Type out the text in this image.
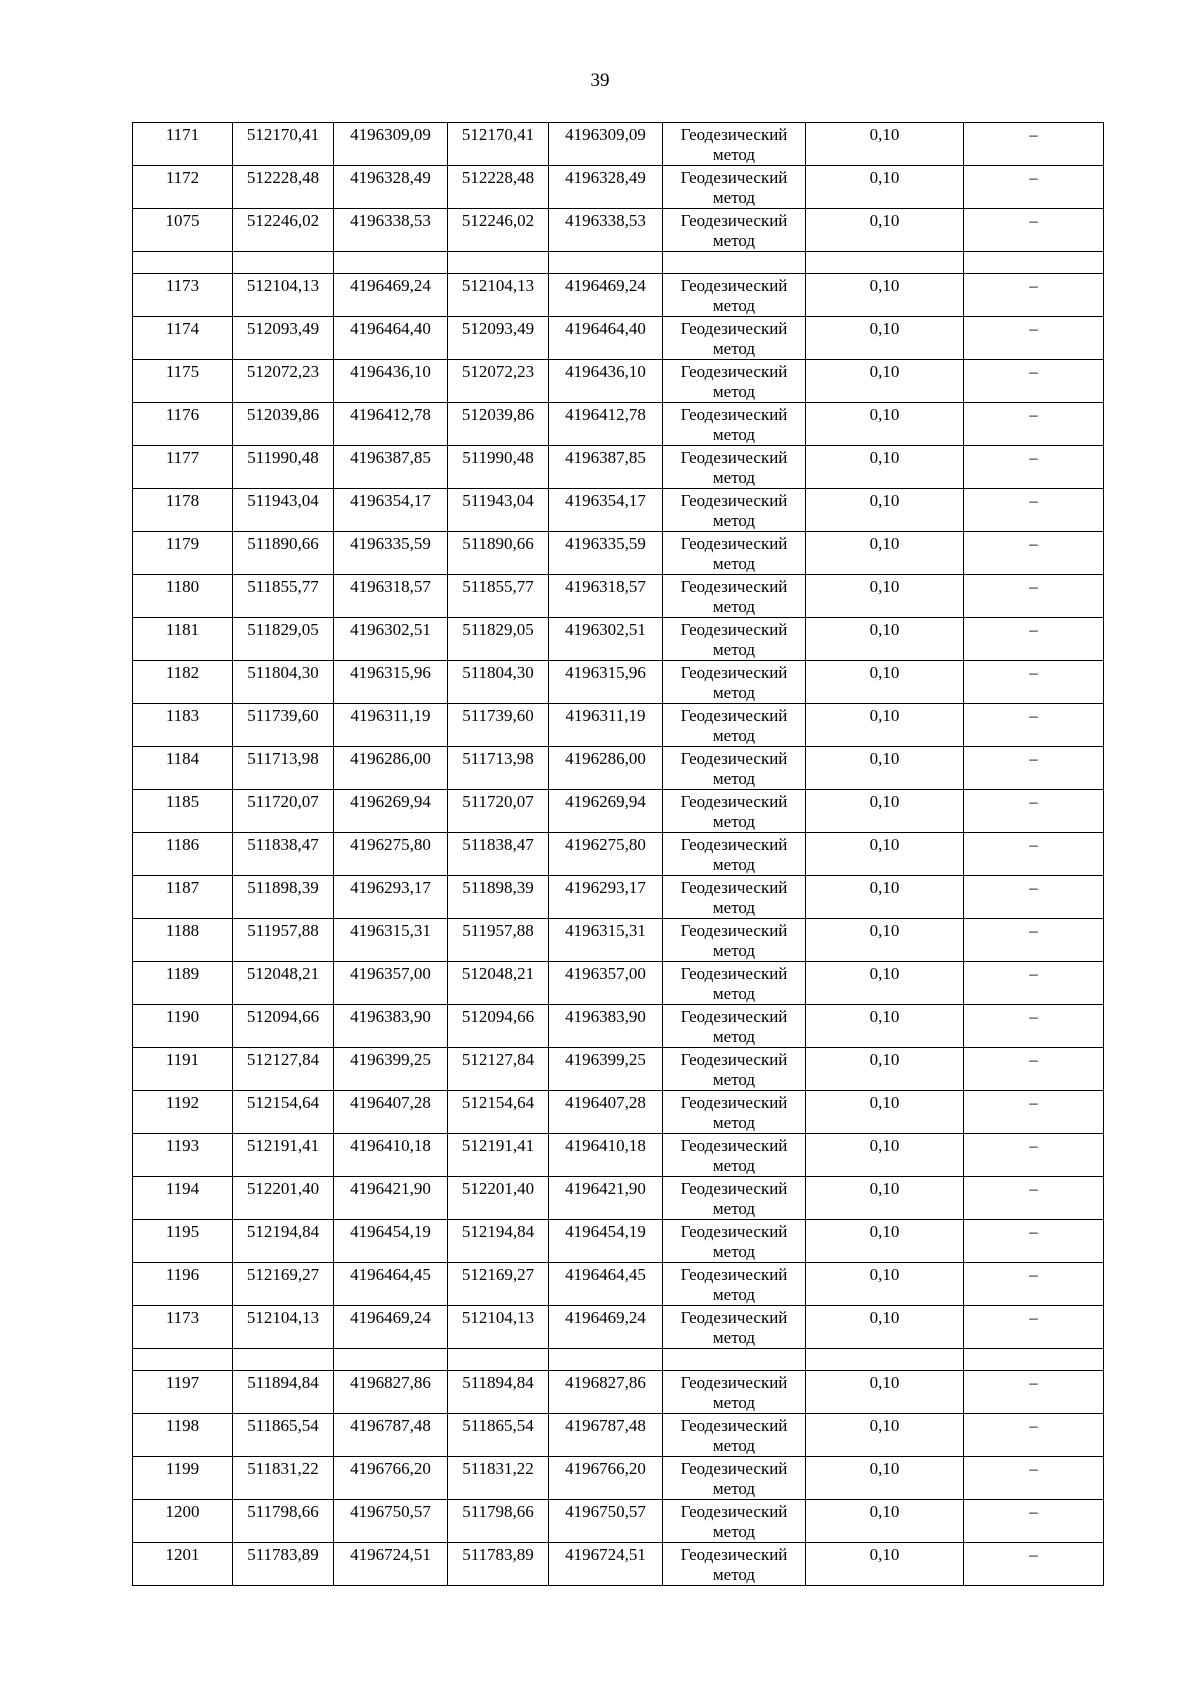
39
1171	512170,41	4196309,09	512170,41	4196309,09	Геодезический
метод	0,10	–

1172	512228,48	4196328,49	512228,48	4196328,49	Геодезический
метод	0,10	–

1075	512246,02	4196338,53	512246,02	4196338,53	Геодезический
метод	0,10	–

1173	512104,13	4196469,24	512104,13	4196469,24	Геодезический
метод	0,10	–

1174	512093,49	4196464,40	512093,49	4196464,40	Геодезический
метод	0,10	–

1175	512072,23	4196436,10	512072,23	4196436,10	Геодезический
метод	0,10	–

1176	512039,86	4196412,78	512039,86	4196412,78	Геодезический
метод	0,10	–

1177	511990,48	4196387,85	511990,48	4196387,85	Геодезический
метод	0,10	–

1178	511943,04	4196354,17	511943,04	4196354,17	Геодезический
метод	0,10	–

1179	511890,66	4196335,59	511890,66	4196335,59	Геодезический
метод	0,10	–

1180	511855,77	4196318,57	511855,77	4196318,57	Геодезический
метод	0,10	–

1181	511829,05	4196302,51	511829,05	4196302,51	Геодезический
метод	0,10	–

1182	511804,30	4196315,96	511804,30	4196315,96	Геодезический
метод	0,10	–

1183	511739,60	4196311,19	511739,60	4196311,19	Геодезический
метод	0,10	–

1184	511713,98	4196286,00	511713,98	4196286,00	Геодезический
метод	0,10	–

1185	511720,07	4196269,94	511720,07	4196269,94	Геодезический
метод	0,10	–

1186	511838,47	4196275,80	511838,47	4196275,80	Геодезический
метод	0,10	–

1187	511898,39	4196293,17	511898,39	4196293,17	Геодезический
метод	0,10	–

1188	511957,88	4196315,31	511957,88	4196315,31	Геодезический
метод	0,10	–

1189	512048,21	4196357,00	512048,21	4196357,00	Геодезический
метод	0,10	–

1190	512094,66	4196383,90	512094,66	4196383,90	Геодезический
метод	0,10	–

1191	512127,84	4196399,25	512127,84	4196399,25	Геодезический
метод	0,10	–

1192	512154,64	4196407,28	512154,64	4196407,28	Геодезический
метод	0,10	–

1193	512191,41	4196410,18	512191,41	4196410,18	Геодезический
метод	0,10	–

1194	512201,40	4196421,90	512201,40	4196421,90	Геодезический
метод	0,10	–

1195	512194,84	4196454,19	512194,84	4196454,19	Геодезический
метод	0,10	–

1196	512169,27	4196464,45	512169,27	4196464,45	Геодезический
метод	0,10	–

1173	512104,13	4196469,24	512104,13	4196469,24	Геодезический
метод	0,10	–

1197	511894,84	4196827,86	511894,84	4196827,86	Геодезический
метод	0,10	–

1198	511865,54	4196787,48	511865,54	4196787,48	Геодезический
метод	0,10	–

1199	511831,22	4196766,20	511831,22	4196766,20	Геодезический
метод	0,10	–

1200	511798,66	4196750,57	511798,66	4196750,57	Геодезический
метод	0,10	–

1201	511783,89	4196724,51	511783,89	4196724,51	Геодезический
метод	0,10	–
